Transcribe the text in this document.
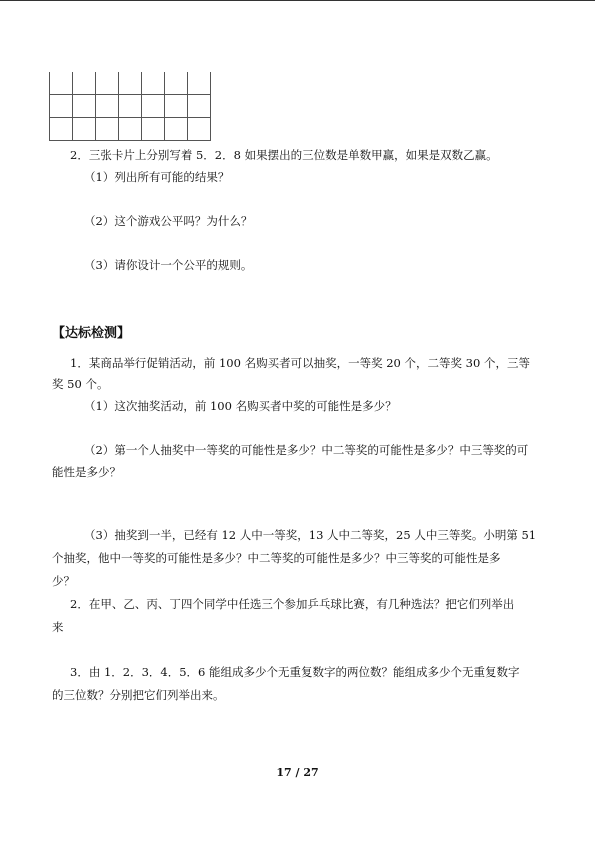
2．三张卡片上分别写着 5．2．8 如果摆出的三位数是单数甲赢，如果是双数乙赢。
（1）列出所有可能的结果？
（2）这个游戏公平吗？为什么？
（3）请你设计一个公平的规则。
【达标检测】
1．某商品举行促销活动，前 100 名购买者可以抽奖，一等奖 20 个，二等奖 30 个，三等
奖 50 个。
（1）这次抽奖活动，前 100 名购买者中奖的可能性是多少？
（2）第一个人抽奖中一等奖的可能性是多少？中二等奖的可能性是多少？中三等奖的可
能性是多少？
（3）抽奖到一半，已经有 12 人中一等奖，13 人中二等奖，25 人中三等奖。小明第 51
个抽奖，他中一等奖的可能性是多少？中二等奖的可能性是多少？中三等奖的可能性是多
少？
2．在甲、乙、丙、丁四个同学中任选三个参加乒乓球比赛，有几种选法？把它们列举出
来
3．由 1．2．3．4．5．6 能组成多少个无重复数字的两位数？能组成多少个无重复数字
的三位数？分别把它们列举出来。
17 / 27
